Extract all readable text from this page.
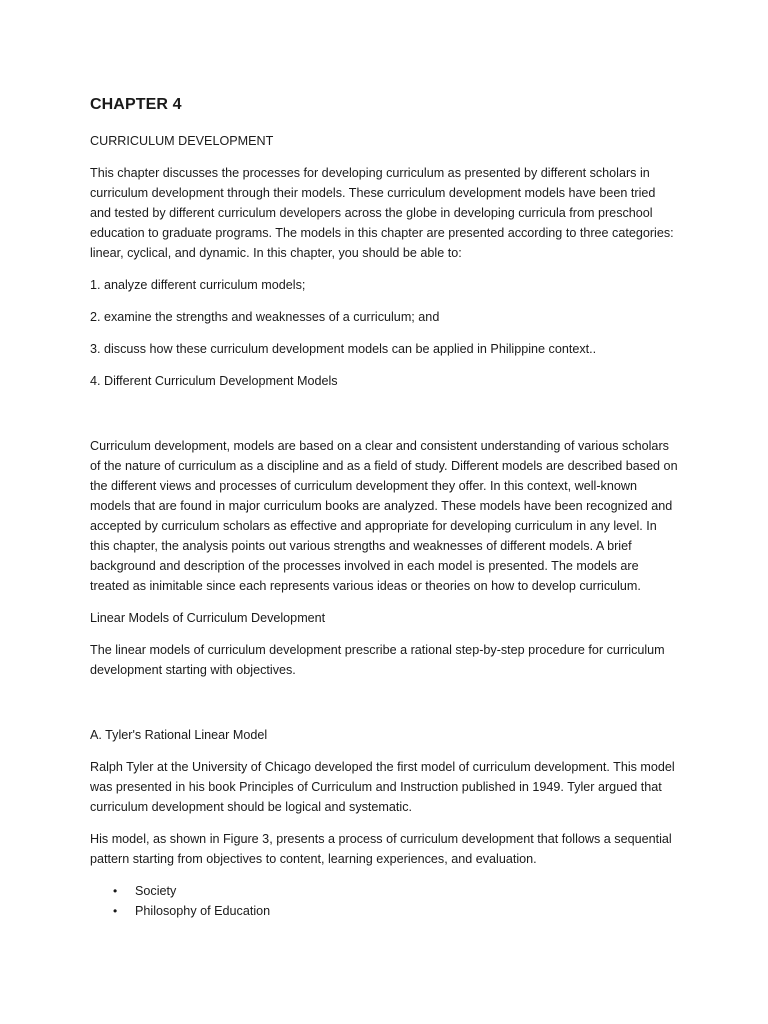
CHAPTER 4

CURRICULUM DEVELOPMENT

This chapter discusses the processes for developing curriculum as presented by different scholars in curriculum development through their models. These curriculum development models have been tried and tested by different curriculum developers across the globe in developing curricula from preschool education to graduate programs. The models in this chapter are presented according to three categories: linear, cyclical, and dynamic. In this chapter, you should be able to:

1. analyze different curriculum models;

2. examine the strengths and weaknesses of a curriculum; and

3. discuss how these curriculum development models can be applied in Philippine context..

4. Different Curriculum Development Models

Curriculum development, models are based on a clear and consistent understanding of various scholars of the nature of curriculum as a discipline and as a field of study. Different models are described based on the different views and processes of curriculum development they offer. In this context, well-known models that are found in major curriculum books are analyzed. These models have been recognized and accepted by curriculum scholars as effective and appropriate for developing curriculum in any level. In this chapter, the analysis points out various strengths and weaknesses of different models. A brief background and description of the processes involved in each model is presented. The models are treated as inimitable since each represents various ideas or theories on how to develop curriculum.

Linear Models of Curriculum Development

The linear models of curriculum development prescribe a rational step-by-step procedure for curriculum development starting with objectives.

A. Tyler's Rational Linear Model

Ralph Tyler at the University of Chicago developed the first model of curriculum development. This model was presented in his book Principles of Curriculum and Instruction published in 1949. Tyler argued that curriculum development should be logical and systematic.

His model, as shown in Figure 3, presents a process of curriculum development that follows a sequential pattern starting from objectives to content, learning experiences, and evaluation.

• Society
• Philosophy of Education
